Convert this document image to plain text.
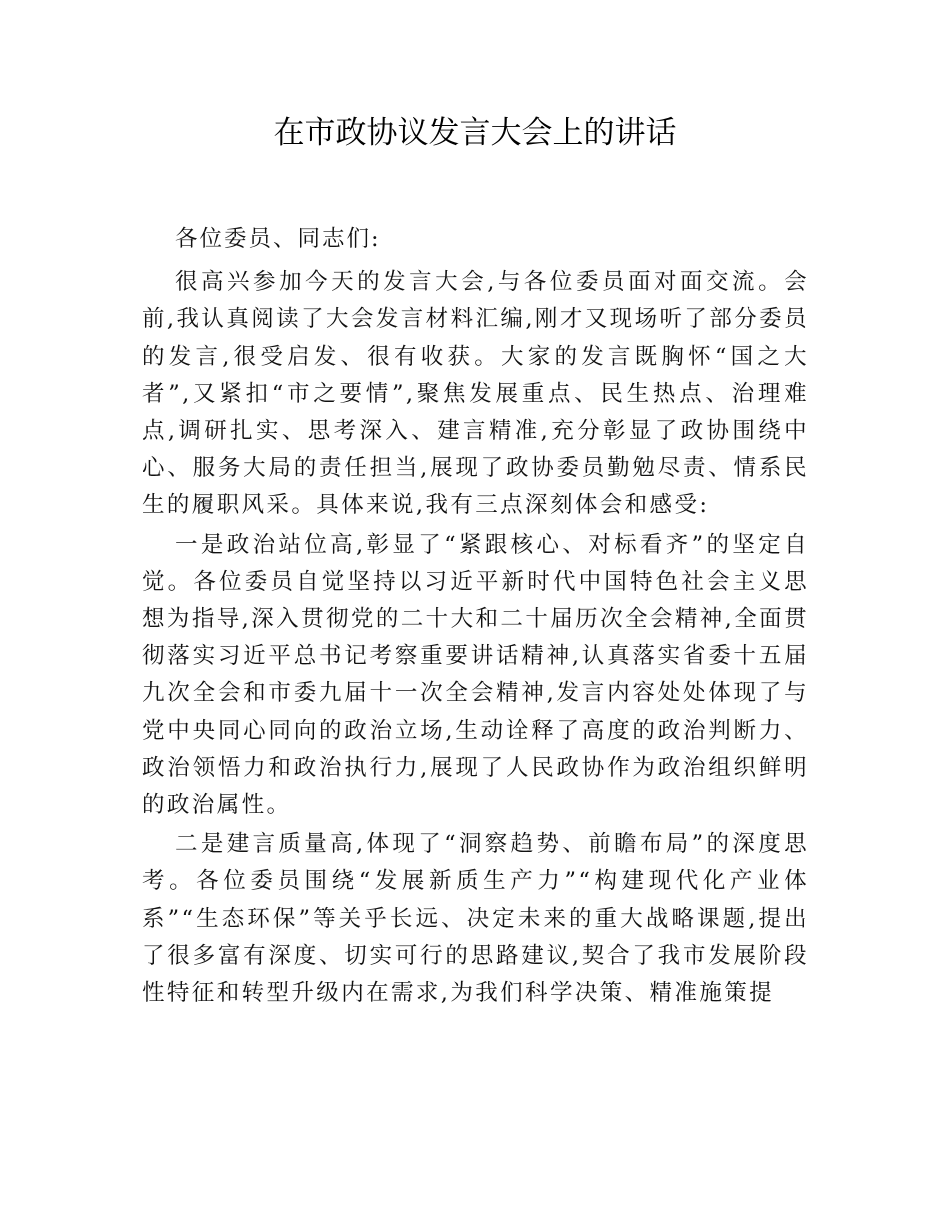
在市政协议发言大会上的讲话

各位委员、同志们:

很高兴参加今天的发言大会,与各位委员面对面交流。会前,我认真阅读了大会发言材料汇编,刚才又现场听了部分委员的发言,很受启发、很有收获。大家的发言既胸怀“国之大者”,又紧扣“市之要情”,聚焦发展重点、民生热点、治理难点,调研扎实、思考深入、建言精准,充分彰显了政协围绕中心、服务大局的责任担当,展现了政协委员勤勉尽责、情系民生的履职风采。具体来说,我有三点深刻体会和感受:

一是政治站位高,彰显了“紧跟核心、对标看齐”的坚定自觉。各位委员自觉坚持以习近平新时代中国特色社会主义思想为指导,深入贯彻党的二十大和二十届历次全会精神,全面贯彻落实习近平总书记考察重要讲话精神,认真落实省委十五届九次全会和市委九届十一次全会精神,发言内容处处体现了与党中央同心同向的政治立场,生动诠释了高度的政治判断力、政治领悟力和政治执行力,展现了人民政协作为政治组织鲜明的政治属性。

二是建言质量高,体现了“洞察趋势、前瞻布局”的深度思考。各位委员围绕“发展新质生产力”“构建现代化产业体系”“生态环保”等关乎长远、决定未来的重大战略课题,提出了很多富有深度、切实可行的思路建议,契合了我市发展阶段性特征和转型升级内在需求,为我们科学决策、精准施策提
